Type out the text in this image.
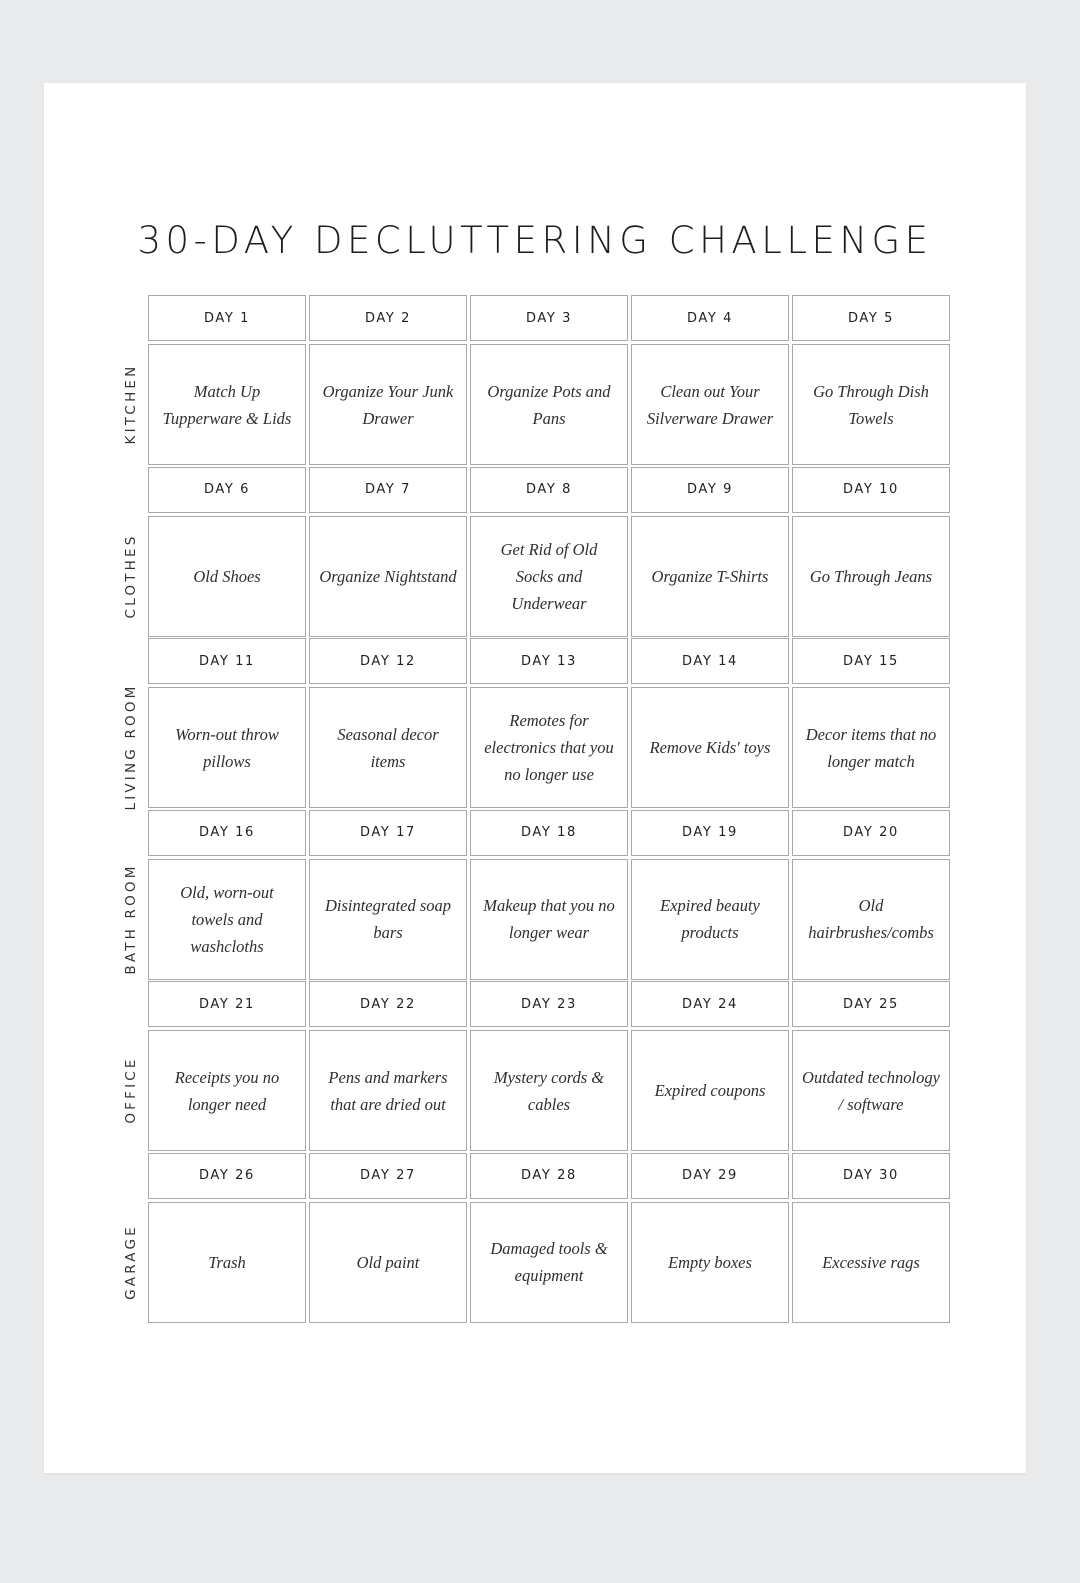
30-DAY DECLUTTERING CHALLENGE
KITCHEN
DAY 1
Match Up Tupperware & Lids
DAY 2
Organize Your Junk Drawer
DAY 3
Organize Pots and Pans
DAY 4
Clean out Your Silverware Drawer
DAY 5
Go Through Dish Towels
CLOTHES
DAY 6
Old Shoes
DAY 7
Organize Nightstand
DAY 8
Get Rid of Old Socks and Underwear
DAY 9
Organize T-Shirts
DAY 10
Go Through Jeans
LIVING ROOM
DAY 11
Worn-out throw pillows
DAY 12
Seasonal decor items
DAY 13
Remotes for electronics that you no longer use
DAY 14
Remove Kids' toys
DAY 15
Decor items that no longer match
BATH ROOM
DAY 16
Old, worn-out towels and washcloths
DAY 17
Disintegrated soap bars
DAY 18
Makeup that you no longer wear
DAY 19
Expired beauty products
DAY 20
Old hairbrushes/combs
OFFICE
DAY 21
Receipts you no longer need
DAY 22
Pens and markers that are dried out
DAY 23
Mystery cords & cables
DAY 24
Expired coupons
DAY 25
Outdated technology / software
GARAGE
DAY 26
Trash
DAY 27
Old paint
DAY 28
Damaged tools & equipment
DAY 29
Empty boxes
DAY 30
Excessive rags
